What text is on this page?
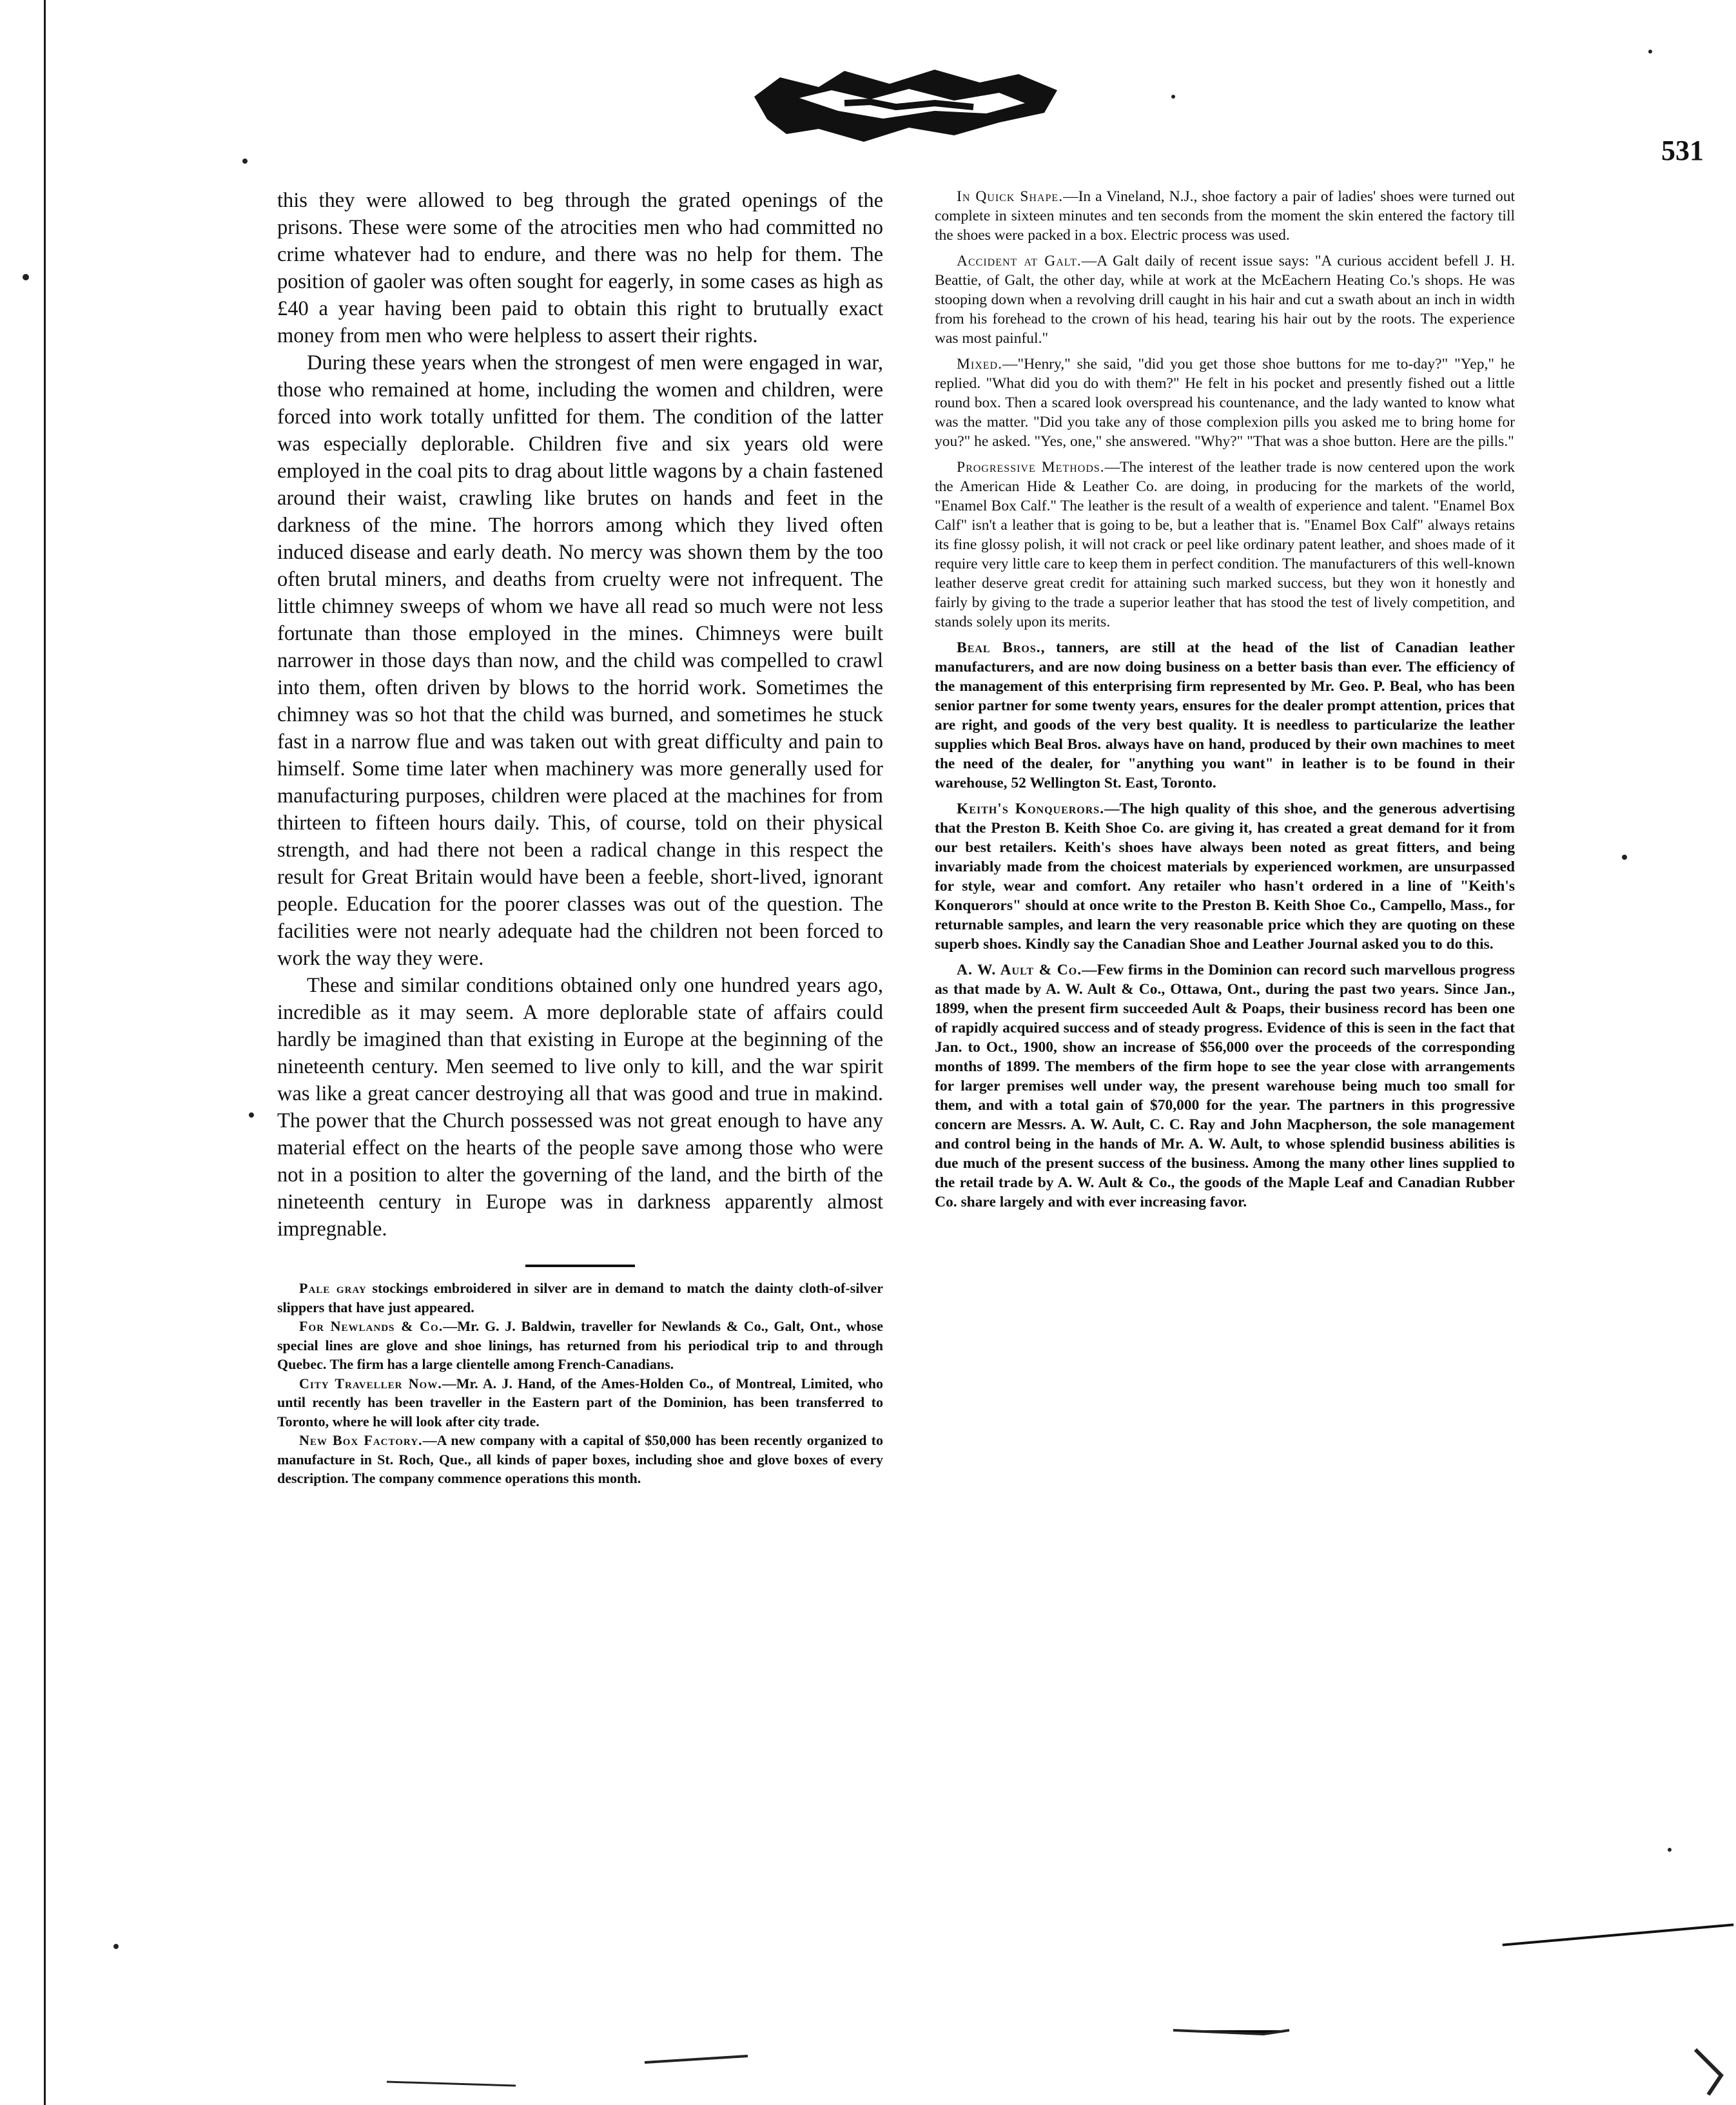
531

this they were allowed to beg through the grated openings of the prisons. These were some of the atrocities men who had committed no crime whatever had to endure, and there was no help for them. The position of gaoler was often sought for eagerly, in some cases as high as £40 a year having been paid to obtain this right to brutually exact money from men who were helpless to assert their rights.

During these years when the strongest of men were engaged in war, those who remained at home, including the women and children, were forced into work totally unfitted for them. The condition of the latter was especially deplorable. Children five and six years old were employed in the coal pits to drag about little wagons by a chain fastened around their waist, crawling like brutes on hands and feet in the darkness of the mine. The horrors among which they lived often induced disease and early death. No mercy was shown them by the too often brutal miners, and deaths from cruelty were not infrequent. The little chimney sweeps of whom we have all read so much were not less fortunate than those employed in the mines. Chimneys were built narrower in those days than now, and the child was compelled to crawl into them, often driven by blows to the horrid work. Sometimes the chimney was so hot that the child was burned, and sometimes he stuck fast in a narrow flue and was taken out with great difficulty and pain to himself. Some time later when machinery was more generally used for manufacturing purposes, children were placed at the machines for from thirteen to fifteen hours daily. This, of course, told on their physical strength, and had there not been a radical change in this respect the result for Great Britain would have been a feeble, short-lived, ignorant people. Education for the poorer classes was out of the question. The facilities were not nearly adequate had the children not been forced to work the way they were.

These and similar conditions obtained only one hundred years ago, incredible as it may seem. A more deplorable state of affairs could hardly be imagined than that existing in Europe at the beginning of the nineteenth century. Men seemed to live only to kill, and the war spirit was like a great cancer destroying all that was good and true in makind. The power that the Church possessed was not great enough to have any material effect on the hearts of the people save among those who were not in a position to alter the governing of the land, and the birth of the nineteenth century in Europe was in darkness apparently almost impregnable.

Pale gray stockings embroidered in silver are in demand to match the dainty cloth-of-silver slippers that have just appeared.

For Newlands & Co.—Mr. G. J. Baldwin, traveller for Newlands & Co., Galt, Ont., whose special lines are glove and shoe linings, has returned from his periodical trip to and through Quebec. The firm has a large clientelle among French-Canadians.

City Traveller Now.—Mr. A. J. Hand, of the Ames-Holden Co., of Montreal, Limited, who until recently has been traveller in the Eastern part of the Dominion, has been transferred to Toronto, where he will look after city trade.

New Box Factory.—A new company with a capital of $50,000 has been recently organized to manufacture in St. Roch, Que., all kinds of paper boxes, including shoe and glove boxes of every description. The company commence operations this month.

In Quick Shape.—In a Vineland, N.J., shoe factory a pair of ladies' shoes were turned out complete in sixteen minutes and ten seconds from the moment the skin entered the factory till the shoes were packed in a box. Electric process was used.

Accident at Galt.—A Galt daily of recent issue says: "A curious accident befell J. H. Beattie, of Galt, the other day, while at work at the McEachern Heating Co.'s shops. He was stooping down when a revolving drill caught in his hair and cut a swath about an inch in width from his forehead to the crown of his head, tearing his hair out by the roots. The experience was most painful."

Mixed.—"Henry," she said, "did you get those shoe buttons for me to-day?" "Yep," he replied. "What did you do with them?" He felt in his pocket and presently fished out a little round box. Then a scared look overspread his countenance, and the lady wanted to know what was the matter. "Did you take any of those complexion pills you asked me to bring home for you?" he asked. "Yes, one," she answered. "Why?" "That was a shoe button. Here are the pills."

Progressive Methods.—The interest of the leather trade is now centered upon the work the American Hide & Leather Co. are doing, in producing for the markets of the world, "Enamel Box Calf." The leather is the result of a wealth of experience and talent. "Enamel Box Calf" isn't a leather that is going to be, but a leather that is. "Enamel Box Calf" always retains its fine glossy polish, it will not crack or peel like ordinary patent leather, and shoes made of it require very little care to keep them in perfect condition. The manufacturers of this well-known leather deserve great credit for attaining such marked success, but they won it honestly and fairly by giving to the trade a superior leather that has stood the test of lively competition, and stands solely upon its merits.

Beal Bros., tanners, are still at the head of the list of Canadian leather manufacturers, and are now doing business on a better basis than ever. The efficiency of the management of this enterprising firm represented by Mr. Geo. P. Beal, who has been senior partner for some twenty years, ensures for the dealer prompt attention, prices that are right, and goods of the very best quality. It is needless to particularize the leather supplies which Beal Bros. always have on hand, produced by their own machines to meet the need of the dealer, for "anything you want" in leather is to be found in their warehouse, 52 Wellington St. East, Toronto.

Keith's Konquerors.—The high quality of this shoe, and the generous advertising that the Preston B. Keith Shoe Co. are giving it, has created a great demand for it from our best retailers. Keith's shoes have always been noted as great fitters, and being invariably made from the choicest materials by experienced workmen, are unsurpassed for style, wear and comfort. Any retailer who hasn't ordered in a line of "Keith's Konquerors" should at once write to the Preston B. Keith Shoe Co., Campello, Mass., for returnable samples, and learn the very reasonable price which they are quoting on these superb shoes. Kindly say the Canadian Shoe and Leather Journal asked you to do this.

A. W. Ault & Co.—Few firms in the Dominion can record such marvellous progress as that made by A. W. Ault & Co., Ottawa, Ont., during the past two years. Since Jan., 1899, when the present firm succeeded Ault & Poaps, their business record has been one of rapidly acquired success and of steady progress. Evidence of this is seen in the fact that Jan. to Oct., 1900, show an increase of $56,000 over the proceeds of the corresponding months of 1899. The members of the firm hope to see the year close with arrangements for larger premises well under way, the present warehouse being much too small for them, and with a total gain of $70,000 for the year. The partners in this progressive concern are Messrs. A. W. Ault, C. C. Ray and John Macpherson, the sole management and control being in the hands of Mr. A. W. Ault, to whose splendid business abilities is due much of the present success of the business. Among the many other lines supplied to the retail trade by A. W. Ault & Co., the goods of the Maple Leaf and Canadian Rubber Co. share largely and with ever increasing favor.
